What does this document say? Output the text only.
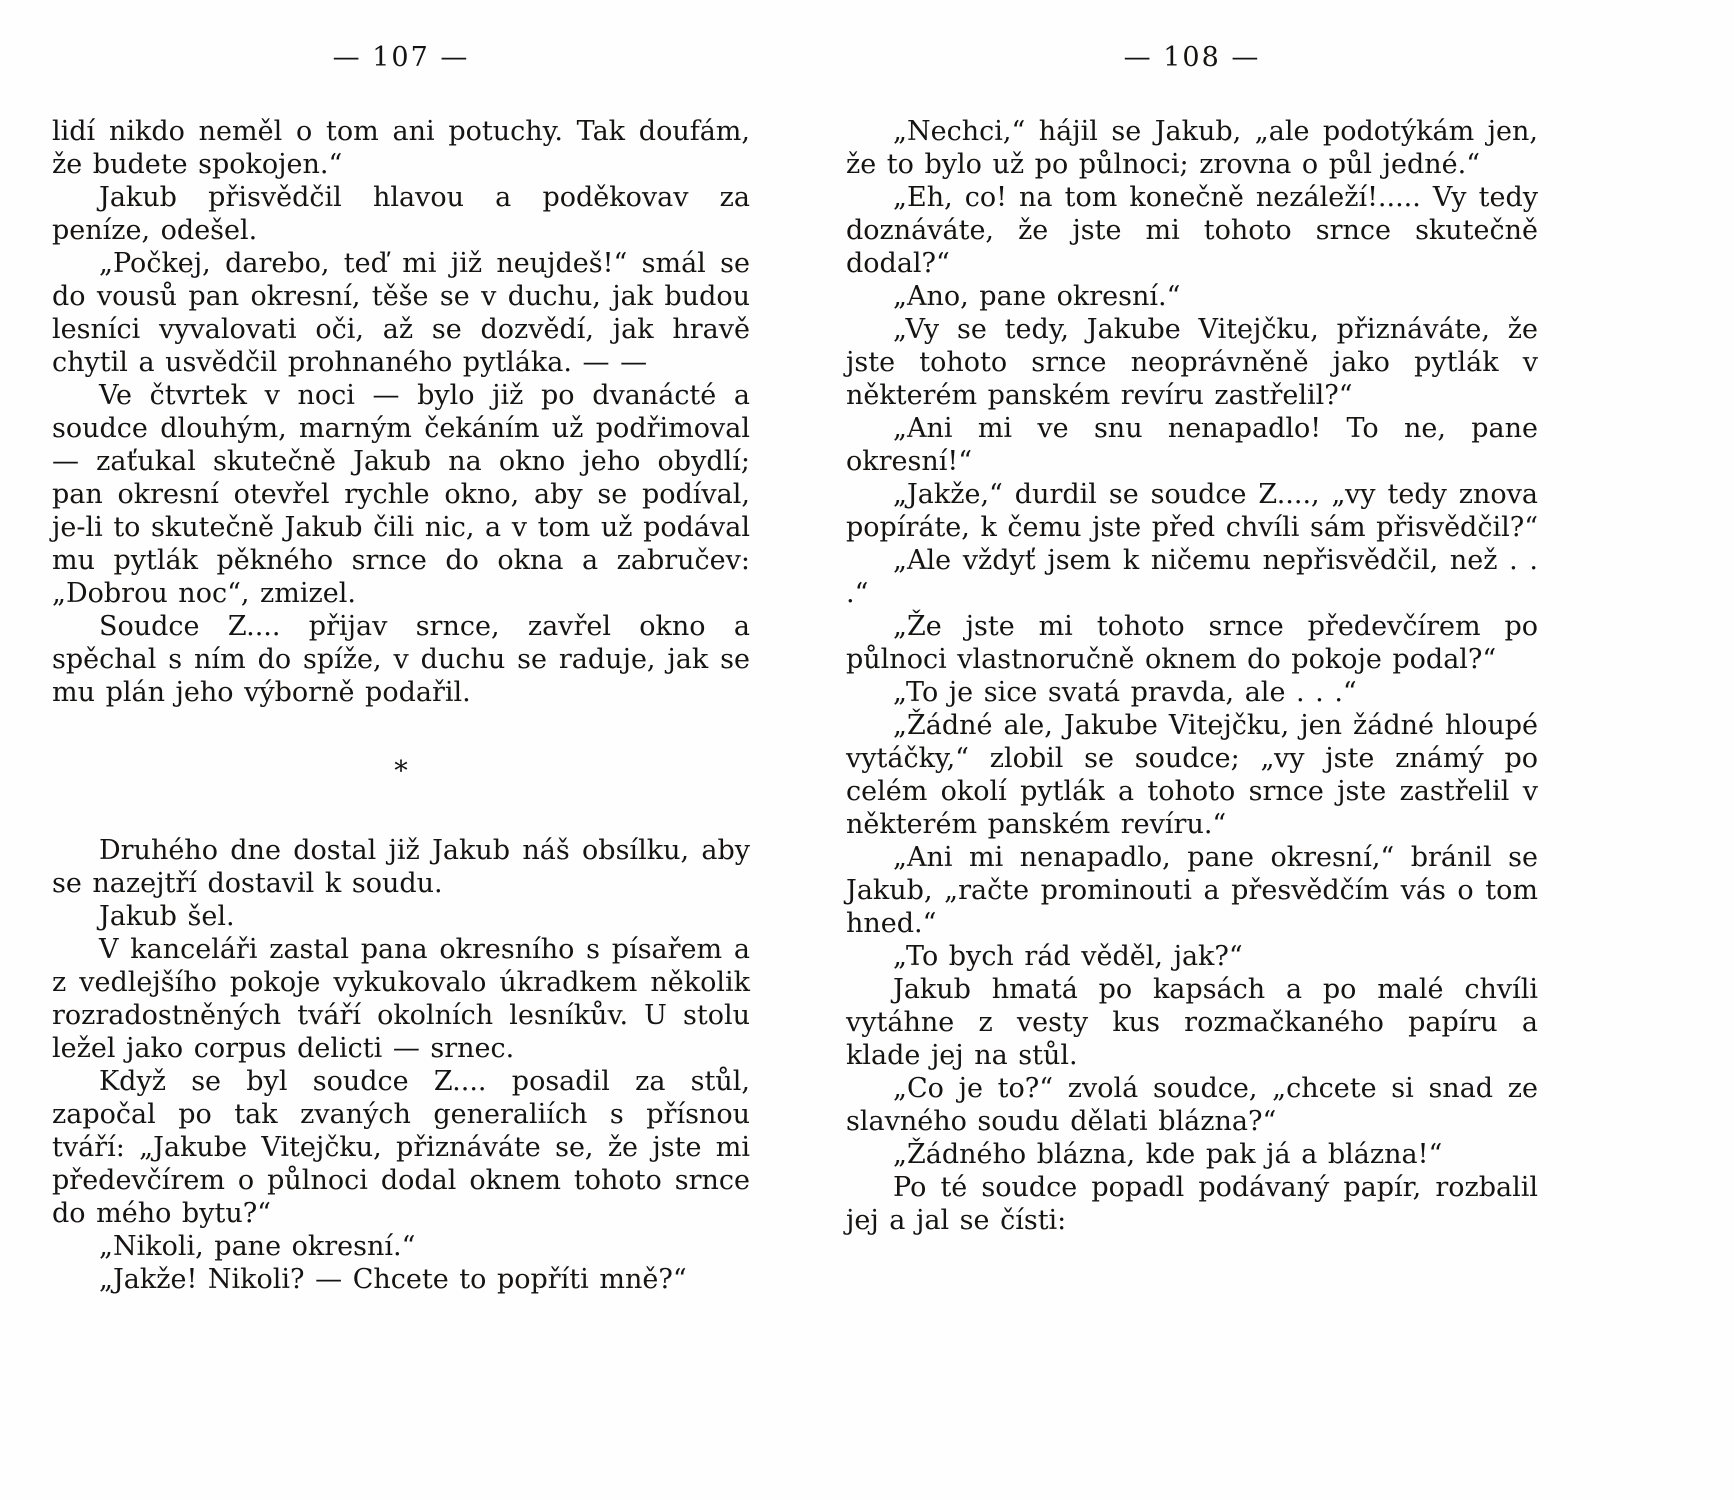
— 107 —

lidí nikdo neměl o tom ani potuchy. Tak doufám, že budete spokojen.“

Jakub přisvědčil hlavou a poděkovav za peníze, odešel.

„Počkej, darebo, teď mi již neujdeš!“ smál se do vousů pan okresní, těše se v duchu, jak budou lesníci vyvalovati oči, až se dozvědí, jak hravě chytil a usvědčil prohnaného pytláka. — —

Ve čtvrtek v noci — bylo již po dvanácté a soudce dlouhým, marným čekáním už podřimoval — zaťukal skutečně Jakub na okno jeho obydlí; pan okresní otevřel rychle okno, aby se podíval, je-li to skutečně Jakub čili nic, a v tom už podával mu pytlák pěkného srnce do okna a zabručev: „Dobrou noc“, zmizel.

Soudce Z.... přijav srnce, zavřel okno a spěchal s ním do spíže, v duchu se raduje, jak se mu plán jeho výborně podařil.

*

Druhého dne dostal již Jakub náš obsílku, aby se nazejtří dostavil k soudu.

Jakub šel.

V kanceláři zastal pana okresního s písařem a z vedlejšího pokoje vykukovalo úkradkem několik rozradostněných tváří okolních lesníkův. U stolu ležel jako corpus delicti — srnec.

Když se byl soudce Z.... posadil za stůl, započal po tak zvaných generaliích s přísnou tváří: „Jakube Vitejčku, přiznáváte se, že jste mi předevčírem o půlnoci dodal oknem tohoto srnce do mého bytu?“

„Nikoli, pane okresní.“

„Jakže! Nikoli? — Chcete to popříti mně?“

— 108 —

„Nechci,“ hájil se Jakub, „ale podotýkám jen, že to bylo už po půlnoci; zrovna o půl jedné.“

„Eh, co! na tom konečně nezáleží!..... Vy tedy doznáváte, že jste mi tohoto srnce skutečně dodal?“

„Ano, pane okresní.“

„Vy se tedy, Jakube Vitejčku, přiznáváte, že jste tohoto srnce neoprávněně jako pytlák v některém panském revíru zastřelil?“

„Ani mi ve snu nenapadlo! To ne, pane okresní!“

„Jakže,“ durdil se soudce Z...., „vy tedy znova popíráte, k čemu jste před chvíli sám přisvědčil?“

„Ale vždyť jsem k ničemu nepřisvědčil, než . . .“

„Že jste mi tohoto srnce předevčírem po půlnoci vlastnoručně oknem do pokoje podal?“

„To je sice svatá pravda, ale . . .“

„Žádné ale, Jakube Vitejčku, jen žádné hloupé vytáčky,“ zlobil se soudce; „vy jste známý po celém okolí pytlák a tohoto srnce jste zastřelil v některém panském revíru.“

„Ani mi nenapadlo, pane okresní,“ bránil se Jakub, „račte prominouti a přesvědčím vás o tom hned.“

„To bych rád věděl, jak?“

Jakub hmatá po kapsách a po malé chvíli vytáhne z vesty kus rozmačkaného papíru a klade jej na stůl.

„Co je to?“ zvolá soudce, „chcete si snad ze slavného soudu dělati blázna?“

„Žádného blázna, kde pak já a blázna!“

Po té soudce popadl podávaný papír, rozbalil jej a jal se čísti:
